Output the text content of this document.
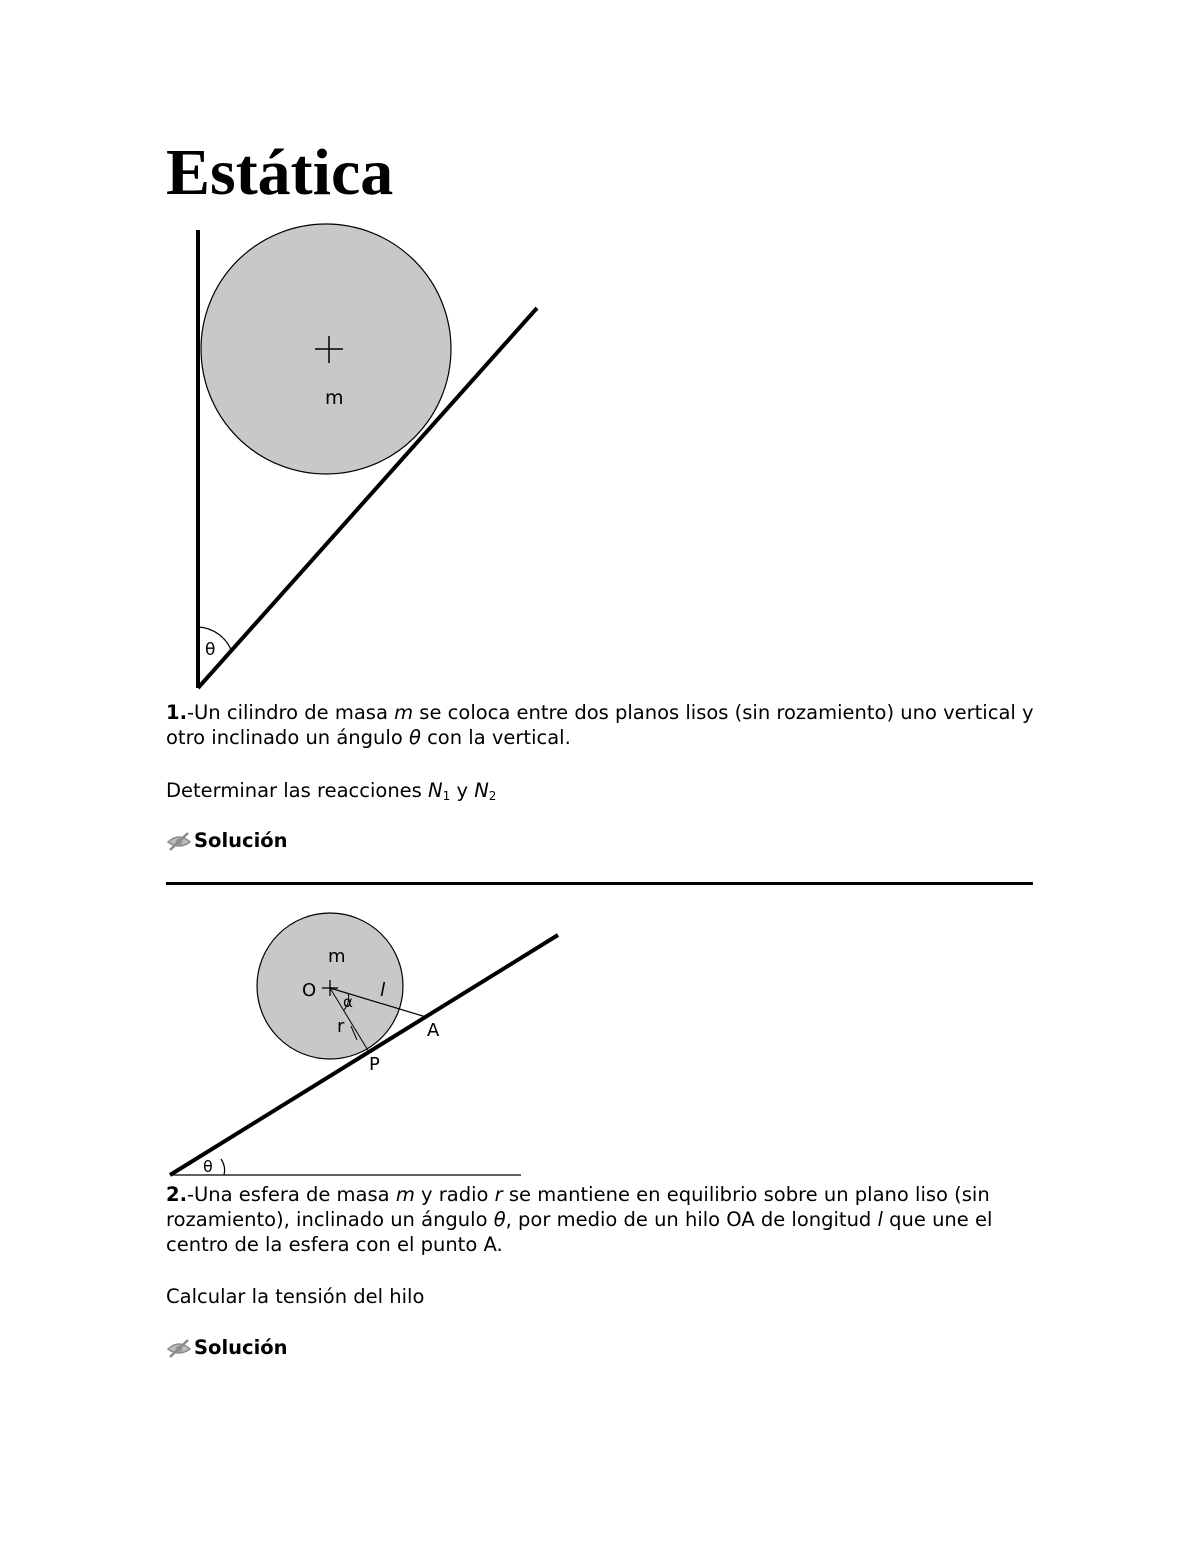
Estática
m
θ

1.-Un cilindro de masa m se coloca entre dos planos lisos (sin rozamiento) uno vertical y otro inclinado un ángulo θ con la vertical.

Determinar las reacciones $N_1$ y $N_2$

Solución
m
O
α
l
r	A
P
θ

2.-Una esfera de masa m y radio r se mantiene en equilibrio sobre un plano liso (sin rozamiento), inclinado un ángulo θ, por medio de un hilo OA de longitud l que une el centro de la esfera con el punto A.

Calcular la tensión del hilo

Solución
